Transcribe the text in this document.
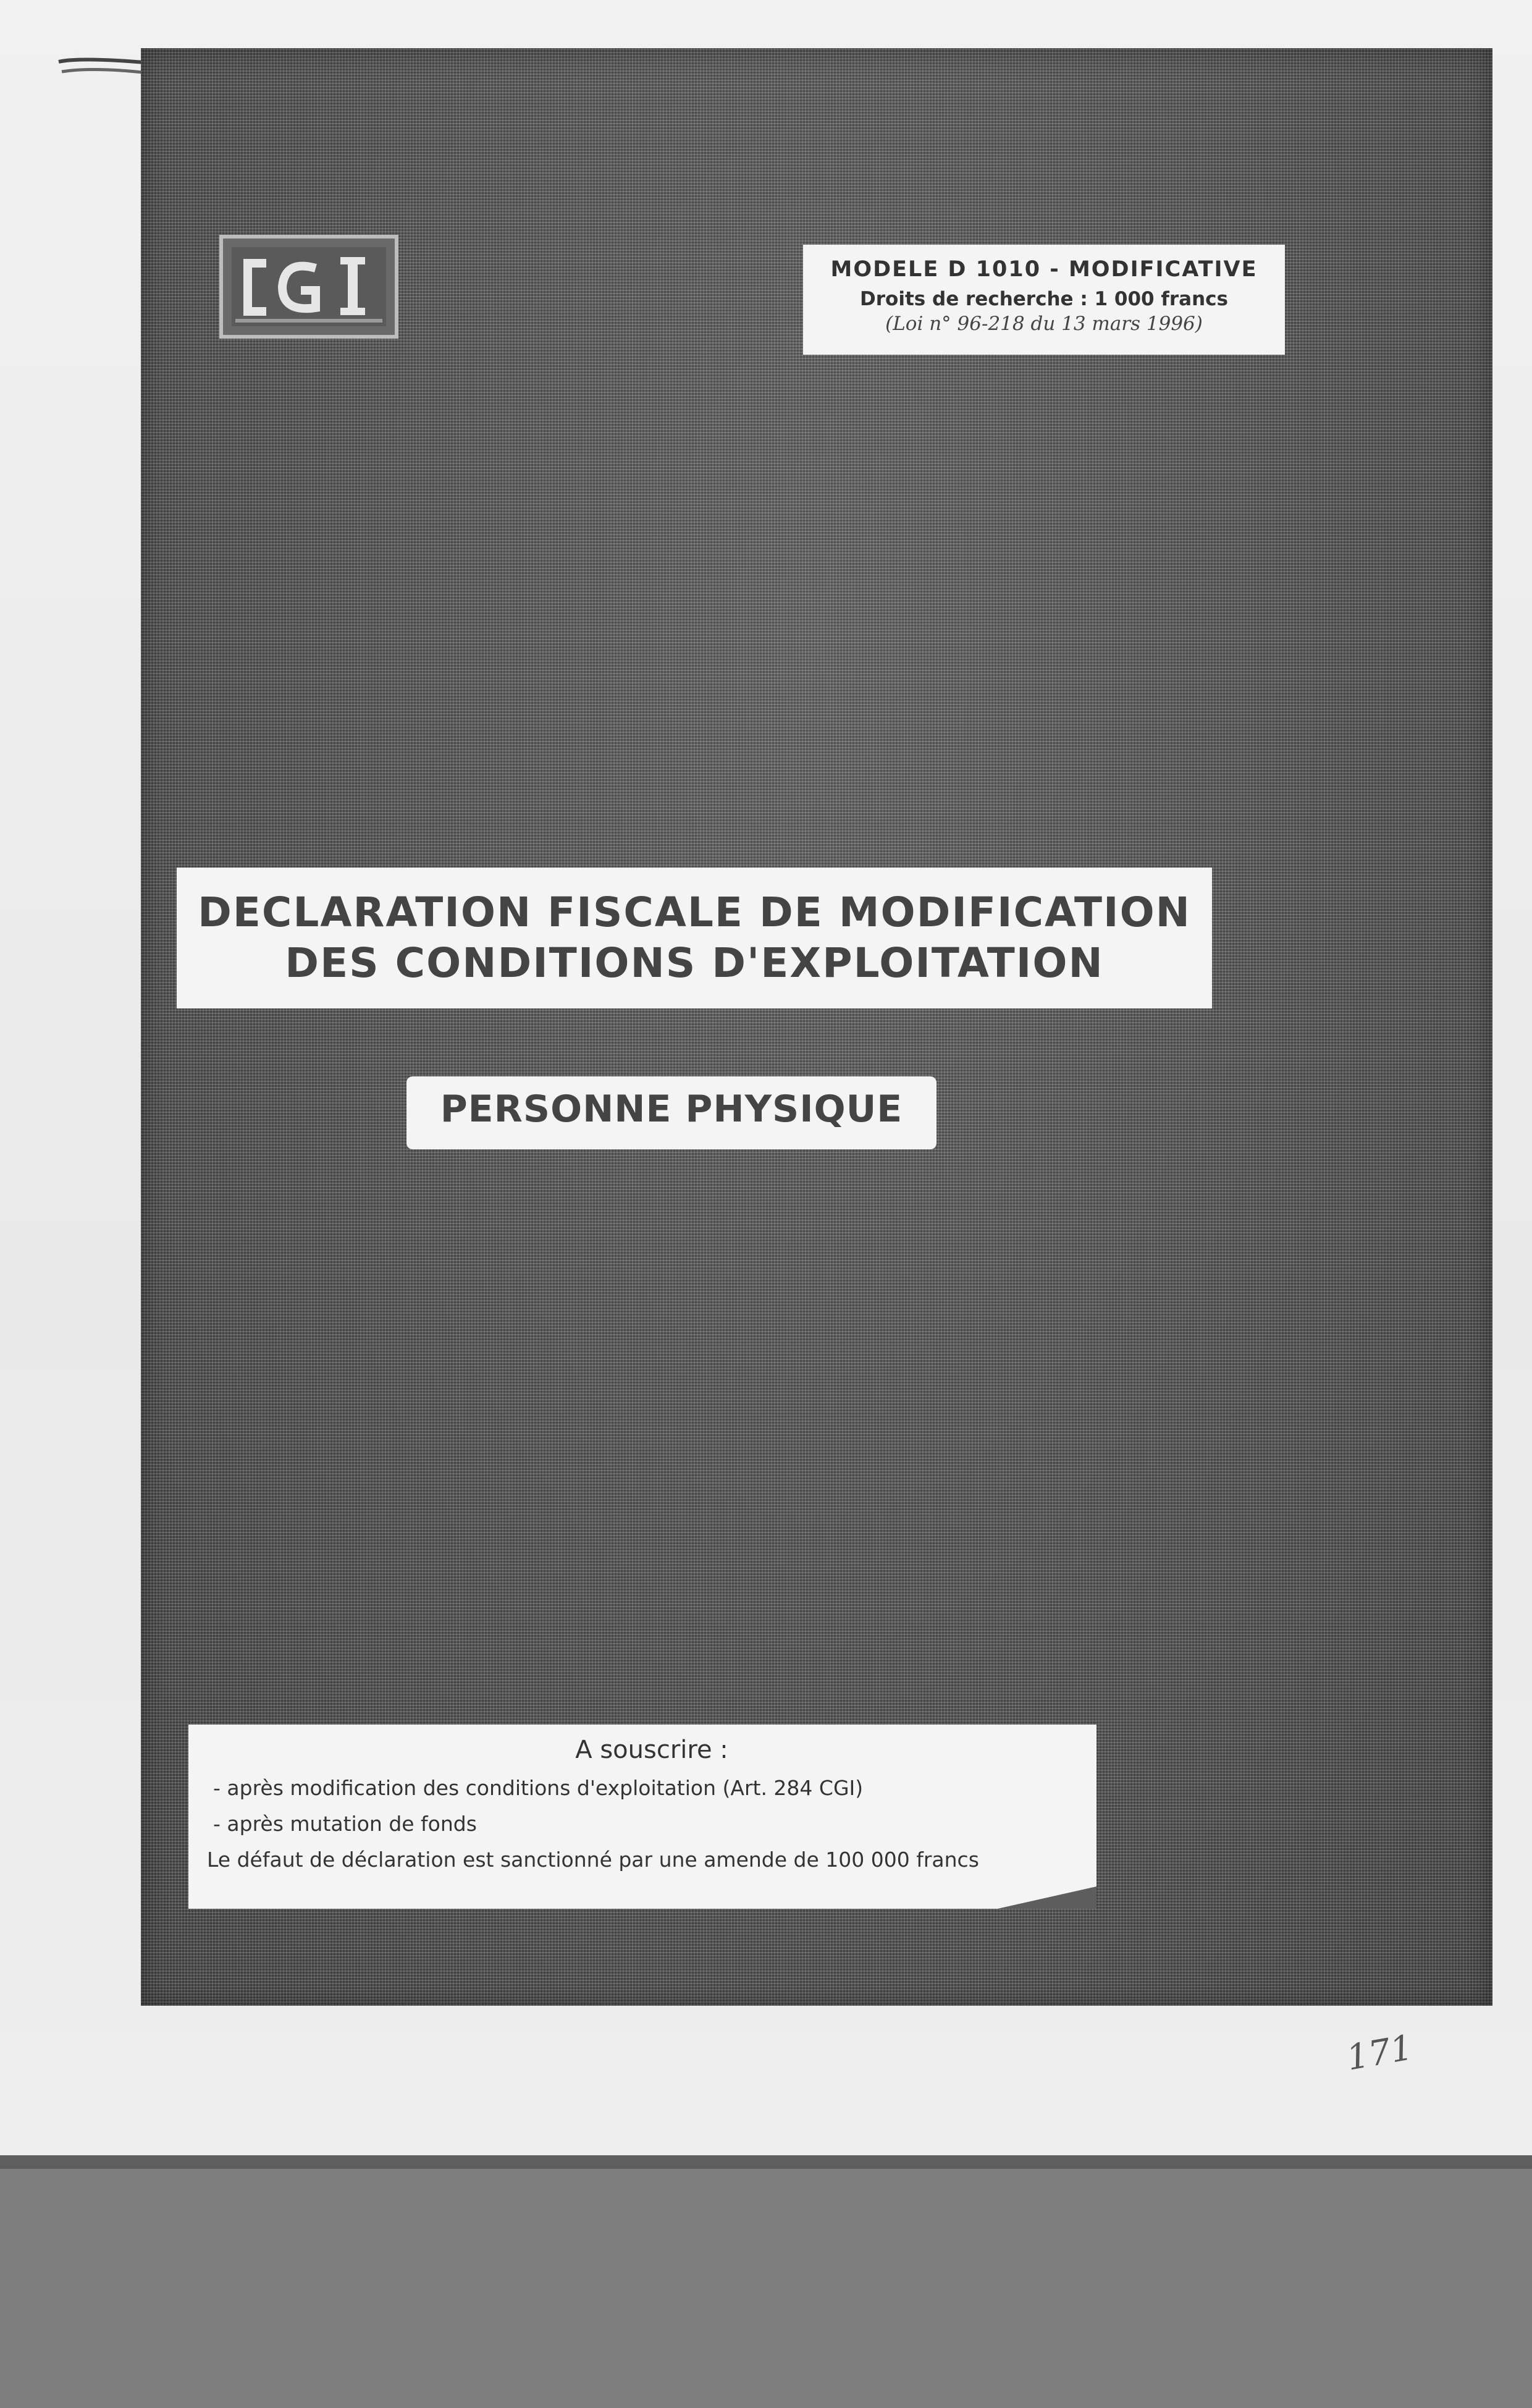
MODELE D 1010 - MODIFICATIVE
Droits de recherche : 1 000 francs
(Loi n° 96-218 du 13 mars 1996)
DECLARATION FISCALE DE MODIFICATION
DES CONDITIONS D'EXPLOITATION
PERSONNE PHYSIQUE
A souscrire :
- après modification des conditions d'exploitation (Art. 284 CGI)
- après mutation de fonds
Le défaut de déclaration est sanctionné par une amende de 100 000 francs
171
